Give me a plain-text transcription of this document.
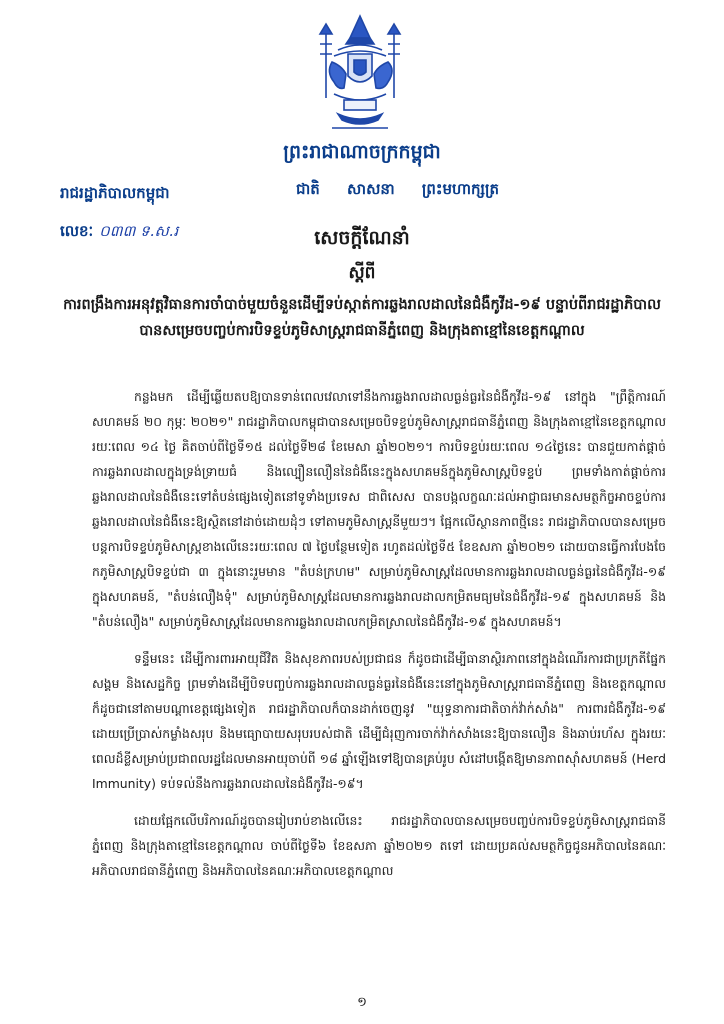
ព្រះរាជាណាចក្រកម្ពុជា
ជាតិ សាសនា ព្រះមហាក្សត្រ
រាជរដ្ឋាភិបាលកម្ពុជា
លេខៈ ០៣៣ ទ.ស.រ	សេចក្តីណែនាំ
ស្តីពី
ការពង្រឹងការអនុវត្តវិធានការចាំបាច់មួយចំនួនដើម្បីទប់ស្កាត់ការឆ្លងរាលដាលនៃជំងឺកូវីដ-១៩ បន្ទាប់ពីរាជរដ្ឋាភិបាលបានសម្រេចបញ្ចប់ការបិទខ្ទប់ភូមិសាស្ត្ររាជធានីភ្នំពេញ និងក្រុងតាខ្មៅនៃខេត្តកណ្តាល

កន្លងមក ដើម្បីឆ្លើយតបឱ្យបានទាន់ពេលវេលាទៅនឹងការឆ្លងរាលដាលធ្ងន់ធ្ងរនៃជំងឺកូវីដ-១៩ នៅក្នុង "ព្រឹត្តិការណ៍សហគមន៍ ២០ កុម្ភៈ ២០២១" រាជរដ្ឋាភិបាលកម្ពុជាបានសម្រេចបិទខ្ទប់ភូមិសាស្ត្ររាជធានីភ្នំពេញ និងក្រុងតាខ្មៅនៃខេត្តកណ្តាល រយៈពេល ១៤ ថ្ងៃ គិតចាប់ពីថ្ងៃទី១៥ ដល់ថ្ងៃទី២៨ ខែមេសា ឆ្នាំ២០២១។ ការបិទខ្ទប់រយៈពេល ១៤ថ្ងៃនេះ បានជួយកាត់ផ្តាច់ការឆ្លងរាលដាលក្នុងទ្រង់ទ្រាយធំ និងល្បឿនលឿននៃជំងឺនេះក្នុងសហគមន៍ក្នុងភូមិសាស្ត្របិទខ្ទប់ ព្រមទាំងកាត់ផ្តាច់ការឆ្លងរាលដាលនៃជំងឺនេះទៅតំបន់ផ្សេងទៀតនៅទូទាំងប្រទេស ជាពិសេស បានបង្កលក្ខណៈដល់អាជ្ញាធរមានសមត្ថកិច្ចអាចខ្ទប់ការឆ្លងរាលដាលនៃជំងឺនេះឱ្យស្ថិតនៅដាច់ដោយដុំៗ ទៅតាមភូមិសាស្ត្រនីមួយៗ។ ផ្អែកលើស្ថានភាពថ្មីនេះ រាជរដ្ឋាភិបាលបានសម្រេចបន្តការបិទខ្ទប់ភូមិសាស្ត្រខាងលើនេះរយៈពេល ៧ ថ្ងៃបន្ថែមទៀត រហូតដល់ថ្ងៃទី៥ ខែឧសភា ឆ្នាំ២០២១ ដោយបានធ្វើការបែងចែកភូមិសាស្ត្របិទខ្ទប់ជា ៣ ក្នុងនោះរួមមាន "តំបន់ក្រហម" សម្រាប់ភូមិសាស្ត្រដែលមានការឆ្លងរាលដាលធ្ងន់ធ្ងរនៃជំងឺកូវីដ-១៩ ក្នុងសហគមន៍, "តំបន់លឿងទុំ" សម្រាប់ភូមិសាស្ត្រដែលមានការឆ្លងរាលដាលកម្រិតមធ្យមនៃជំងឺកូវីដ-១៩ ក្នុងសហគមន៍ និង "តំបន់លឿង" សម្រាប់ភូមិសាស្ត្រដែលមានការឆ្លងរាលដាលកម្រិតស្រាលនៃជំងឺកូវីដ-១៩ ក្នុងសហគមន៍។

ទន្ទឹមនេះ ដើម្បីការពារអាយុជីវិត និងសុខភាពរបស់ប្រជាជន ក៏ដូចជាដើម្បីធានាស្ថិរភាពនៅក្នុងដំណើរការជាប្រក្រតីផ្នែកសង្គម និងសេដ្ឋកិច្ច ព្រមទាំងដើម្បីបិទបញ្ចប់ការឆ្លងរាលដាលធ្ងន់ធ្ងរនៃជំងឺនេះនៅក្នុងភូមិសាស្ត្ររាជធានីភ្នំពេញ និងខេត្តកណ្តាល ក៏ដូចជានៅតាមបណ្តាខេត្តផ្សេងទៀត រាជរដ្ឋាភិបាលក៏បានដាក់ចេញនូវ "យុទ្ធនាការជាតិចាក់វ៉ាក់សាំង" ការពារជំងឺកូវីដ-១៩ ដោយប្រើប្រាស់កម្លាំងសរុប និងមធ្យោបាយសរុបរបស់ជាតិ ដើម្បីជំរុញការចាក់វ៉ាក់សាំងនេះឱ្យបានលឿន និងឆាប់រហ័ស ក្នុងរយៈពេលដ៏ខ្លីសម្រាប់ប្រជាពលរដ្ឋដែលមានអាយុចាប់ពី ១៨ ឆ្នាំឡើងទៅឱ្យបានគ្រប់រូប សំដៅបង្កើតឱ្យមានភាពស៊ាំសហគមន៍ (Herd Immunity) ទប់ទល់នឹងការឆ្លងរាលដាលនៃជំងឺកូវីដ-១៩។

ដោយផ្អែកលើបរិការណ៍ដូចបានរៀបរាប់ខាងលើនេះ រាជរដ្ឋាភិបាលបានសម្រេចបញ្ចប់ការបិទខ្ទប់ភូមិសាស្ត្ររាជធានីភ្នំពេញ និងក្រុងតាខ្មៅនៃខេត្តកណ្តាល ចាប់ពីថ្ងៃទី៦ ខែឧសភា ឆ្នាំ២០២១ តទៅ ដោយប្រគល់សមត្ថកិច្ចជូនអភិបាលនៃគណៈអភិបាលរាជធានីភ្នំពេញ និងអភិបាលនៃគណៈអភិបាលខេត្តកណ្តាល

១
